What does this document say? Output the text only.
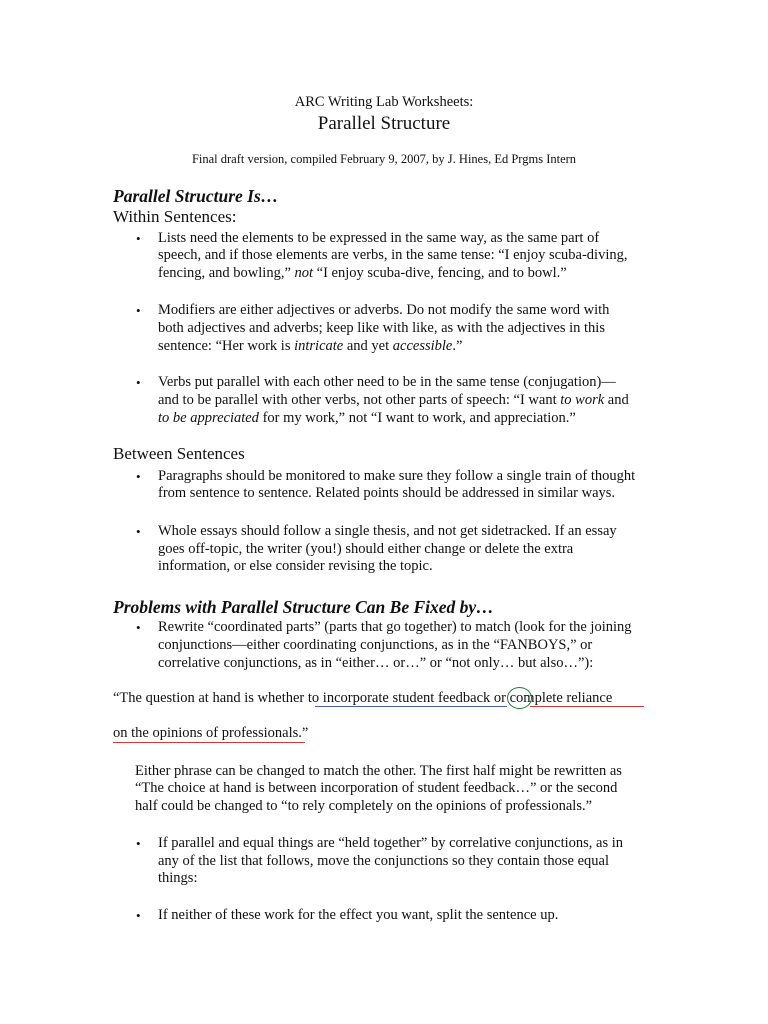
ARC Writing Lab Worksheets:
Parallel Structure
Final draft version, compiled February 9, 2007, by J. Hines, Ed Prgms Intern
Parallel Structure Is…
Within Sentences:
• Lists need the elements to be expressed in the same way, as the same part of
speech, and if those elements are verbs, in the same tense: “I enjoy scuba-diving,
fencing, and bowling,” not “I enjoy scuba-dive, fencing, and to bowl.”
• Modifiers are either adjectives or adverbs. Do not modify the same word with
both adjectives and adverbs; keep like with like, as with the adjectives in this
sentence: “Her work is intricate and yet accessible.”
• Verbs put parallel with each other need to be in the same tense (conjugation)—
and to be parallel with other verbs, not other parts of speech: “I want to work and
to be appreciated for my work,” not “I want to work, and appreciation.”
Between Sentences
• Paragraphs should be monitored to make sure they follow a single train of thought
from sentence to sentence. Related points should be addressed in similar ways.
• Whole essays should follow a single thesis, and not get sidetracked. If an essay
goes off-topic, the writer (you!) should either change or delete the extra
information, or else consider revising the topic.
Problems with Parallel Structure Can Be Fixed by…
• Rewrite “coordinated parts” (parts that go together) to match (look for the joining
conjunctions—either coordinating conjunctions, as in the “FANBOYS,” or
correlative conjunctions, as in “either… or…” or “not only… but also…”):
“The question at hand is whether to incorporate student feedback or complete reliance
on the opinions of professionals.”
Either phrase can be changed to match the other. The first half might be rewritten as
“The choice at hand is between incorporation of student feedback…” or the second
half could be changed to “to rely completely on the opinions of professionals.”
• If parallel and equal things are “held together” by correlative conjunctions, as in
any of the list that follows, move the conjunctions so they contain those equal
things:
• If neither of these work for the effect you want, split the sentence up.
